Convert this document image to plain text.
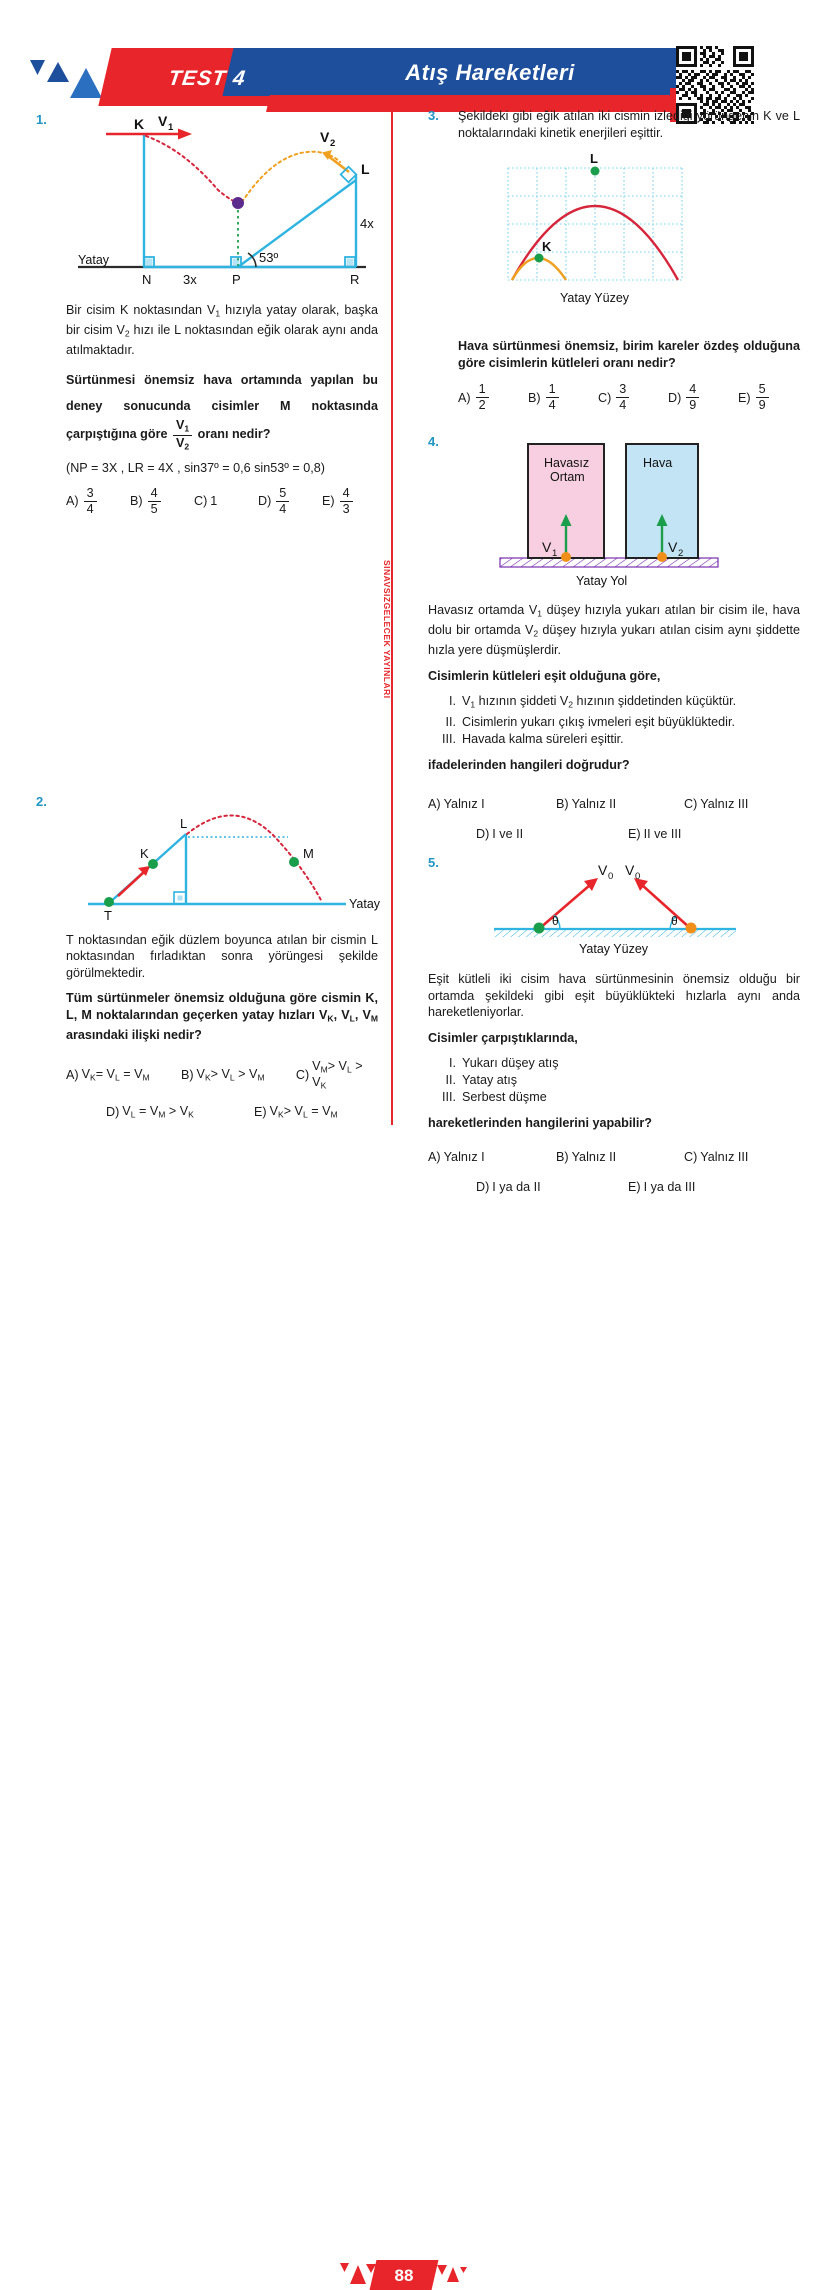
TEST 4	Atış Hareketleri
SINAVSIZGELECEK YAYINLARI
1.	K V 1
V 2
L
4x
Yatay
N 3x	P	R
53º
Bir cisim K noktasından $V_1$ hızıyla yatay olarak, başka bir cisim $V_2$ hızı ile L noktasından eğik olarak aynı anda atılmaktadır.
Sürtünmesi önemsiz hava ortamında yapılan bu deney sonucunda cisimler M noktasında çarpıştığına göre $\frac{V_1}{V_2}$ oranı nedir?
(NP = 3X , LR = 4X , sin37º = 0,6 sin53º = 0,8)
$A) \frac{3}{4}$	$B) \frac{4}{5}$	C) 1	$D) \frac{5}{4}$	$E) \frac{4}{3}$
2.
T
K
L
M
Yatay
T noktasından eğik düzlem boyunca atılan bir cismin L noktasından fırladıktan sonra yörüngesi şekilde görülmektedir.
Tüm sürtünmeler önemsiz olduğuna göre cismin K, L, M noktalarından geçerken yatay hızları $V_K$, $V_L$, $V_M$ arasındaki ilişki nedir?
A) $V_K= V_L = V_M$ B) $V_K> V_L > V_M$ C)
$V_M> V_L > V_K$
D) $V_L = V_M > V_K$	E) $V_K> V_L = V_M$
3.	Şekildeki gibi eğik atılan iki cismin izlediği yörüngenin K ve L noktalarındaki kinetik enerjileri eşittir.
L
K
Yatay Yüzey
Hava sürtünmesi önemsiz, birim kareler özdeş olduğuna göre cisimlerin kütleleri oranı nedir?
$A) \frac{1}{2}$	$B) \frac{1}{4}$	$C) \frac{3}{4}$	$D) \frac{4}{9}$	$E) \frac{5}{9}$
4.
Havasız
Ortam
Hava
V 1	V 2
Yatay Yol
Havasız ortamda $V_1$ düşey hızıyla yukarı atılan bir cisim ile, hava dolu bir ortamda $V_2$ düşey hızıyla yukarı atılan cisim aynı şiddette hızla yere düşmüşlerdir.
Cisimlerin kütleleri eşit olduğuna göre,
I. $V_1$ hızının şiddeti $V_2$ hızının şiddetinden küçüktür.
II. Cisimlerin yukarı çıkış ivmeleri eşit büyüklüktedir.
III. Havada kalma süreleri eşittir.
ifadelerinden hangileri doğrudur?
A) Yalnız I	B) Yalnız II	C) Yalnız III
D) I ve II	E) II ve III
5.	V 0 V 0
θ	θ
Yatay Yüzey
Eşit kütleli iki cisim hava sürtünmesinin önemsiz olduğu bir ortamda şekildeki gibi eşit büyüklükteki hızlarla aynı anda hareketleniyorlar.
Cisimler çarpıştıklarında,
I. Yukarı düşey atış
II. Yatay atış
III. Serbest düşme
hareketlerinden hangilerini yapabilir?
A) Yalnız I	B) Yalnız II	C) Yalnız III
D) I ya da II	E) I ya da III
88
